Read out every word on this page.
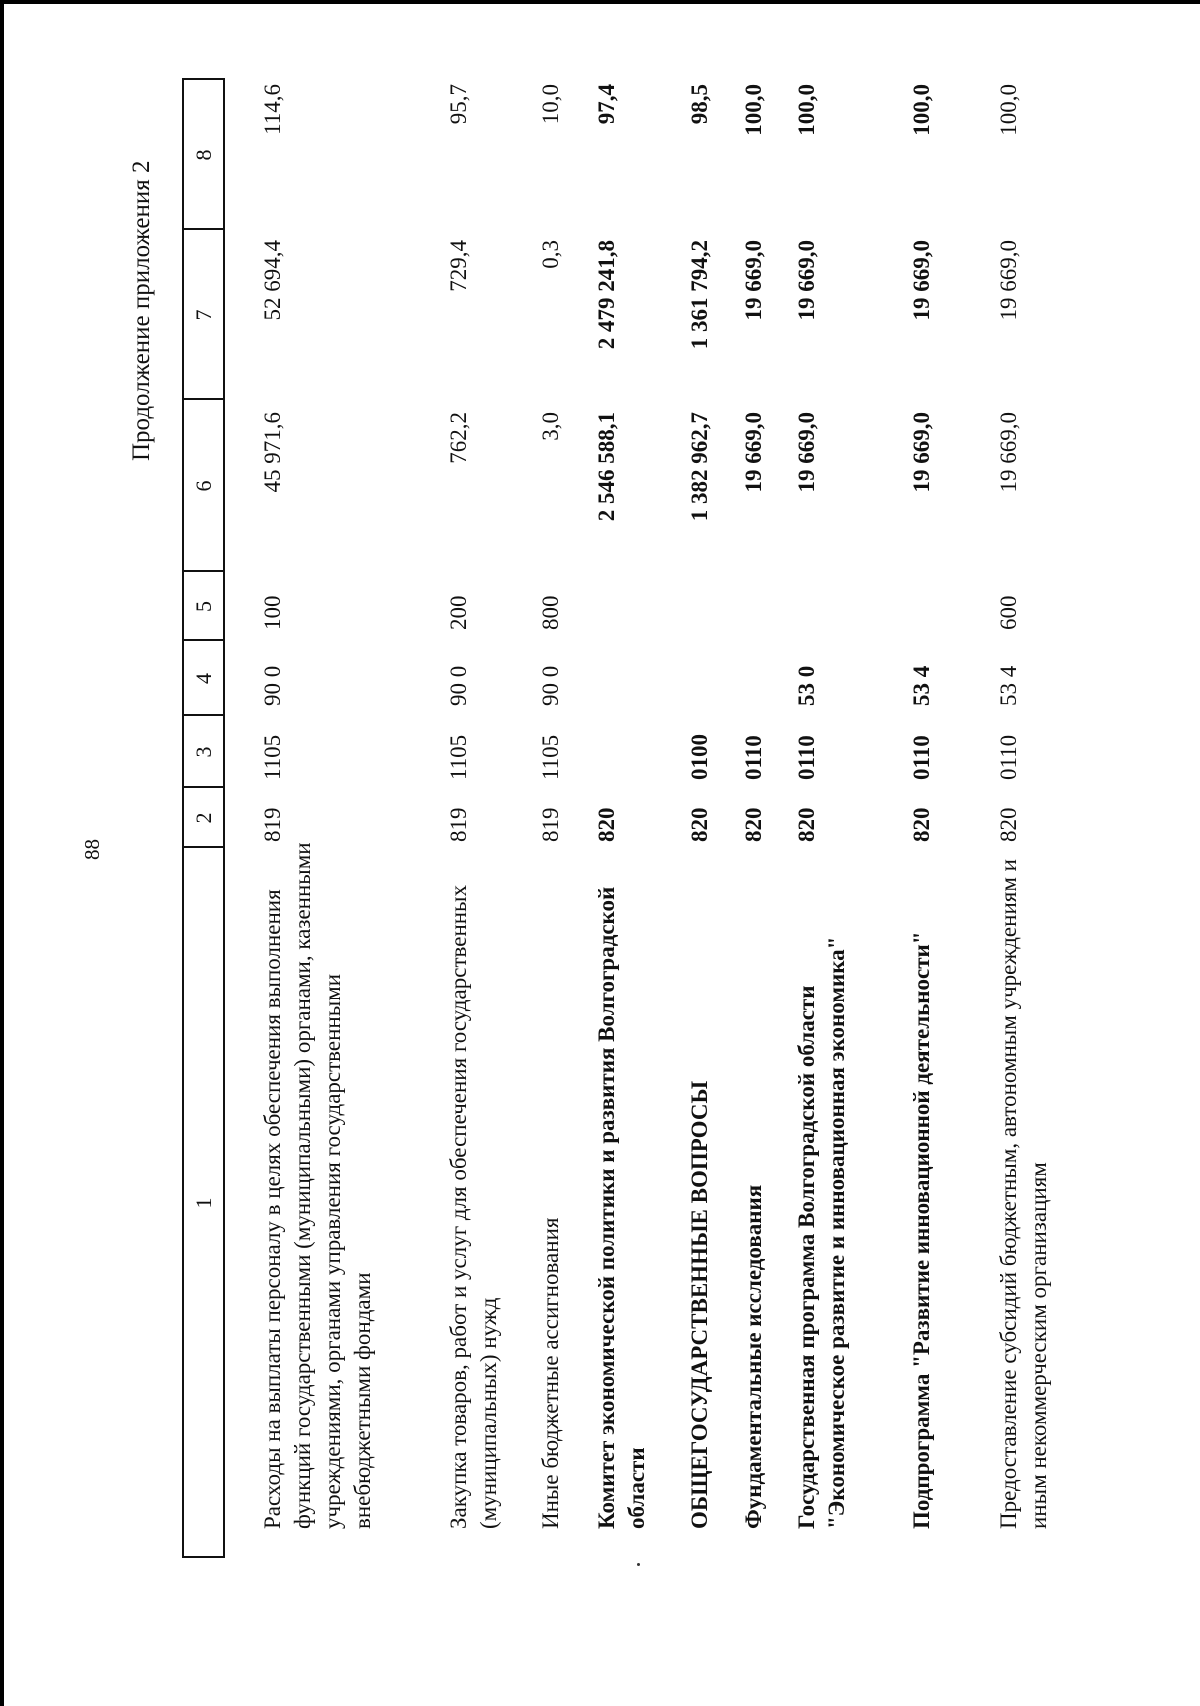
88
Продолжение приложения 2
1
2
3
4
5
6
7
8
Расходы на выплаты персоналу в целях обеспечения выполнения функций государственными (муниципальными) органами, казенными учреждениями, органами управления государственными внебюджетными фондами
819
1105
90 0
100
45 971,6
52 694,4
114,6
Закупка товаров, работ и услуг для обеспечения государственных (муниципальных) нужд
819
1105
90 0
200
762,2
729,4
95,7
Иные бюджетные ассигнования
819
1105
90 0
800
3,0
0,3
10,0
Комитет экономической политики и развития Волгоградской области
820
2 546 588,1
2 479 241,8
97,4
ОБЩЕГОСУДАРСТВЕННЫЕ ВОПРОСЫ
820
0100
1 382 962,7
1 361 794,2
98,5
Фундаментальные исследования
820
0110
19 669,0
19 669,0
100,0
Государственная программа Волгоградской области "Экономическое развитие и инновационная экономика"
820
0110
53 0
19 669,0
19 669,0
100,0
Подпрограмма "Развитие инновационной деятельности"
820
0110
53 4
19 669,0
19 669,0
100,0
Предоставление субсидий бюджетным, автономным учреждениям и иным некоммерческим организациям
820
0110
53 4
600
19 669,0
19 669,0
100,0
